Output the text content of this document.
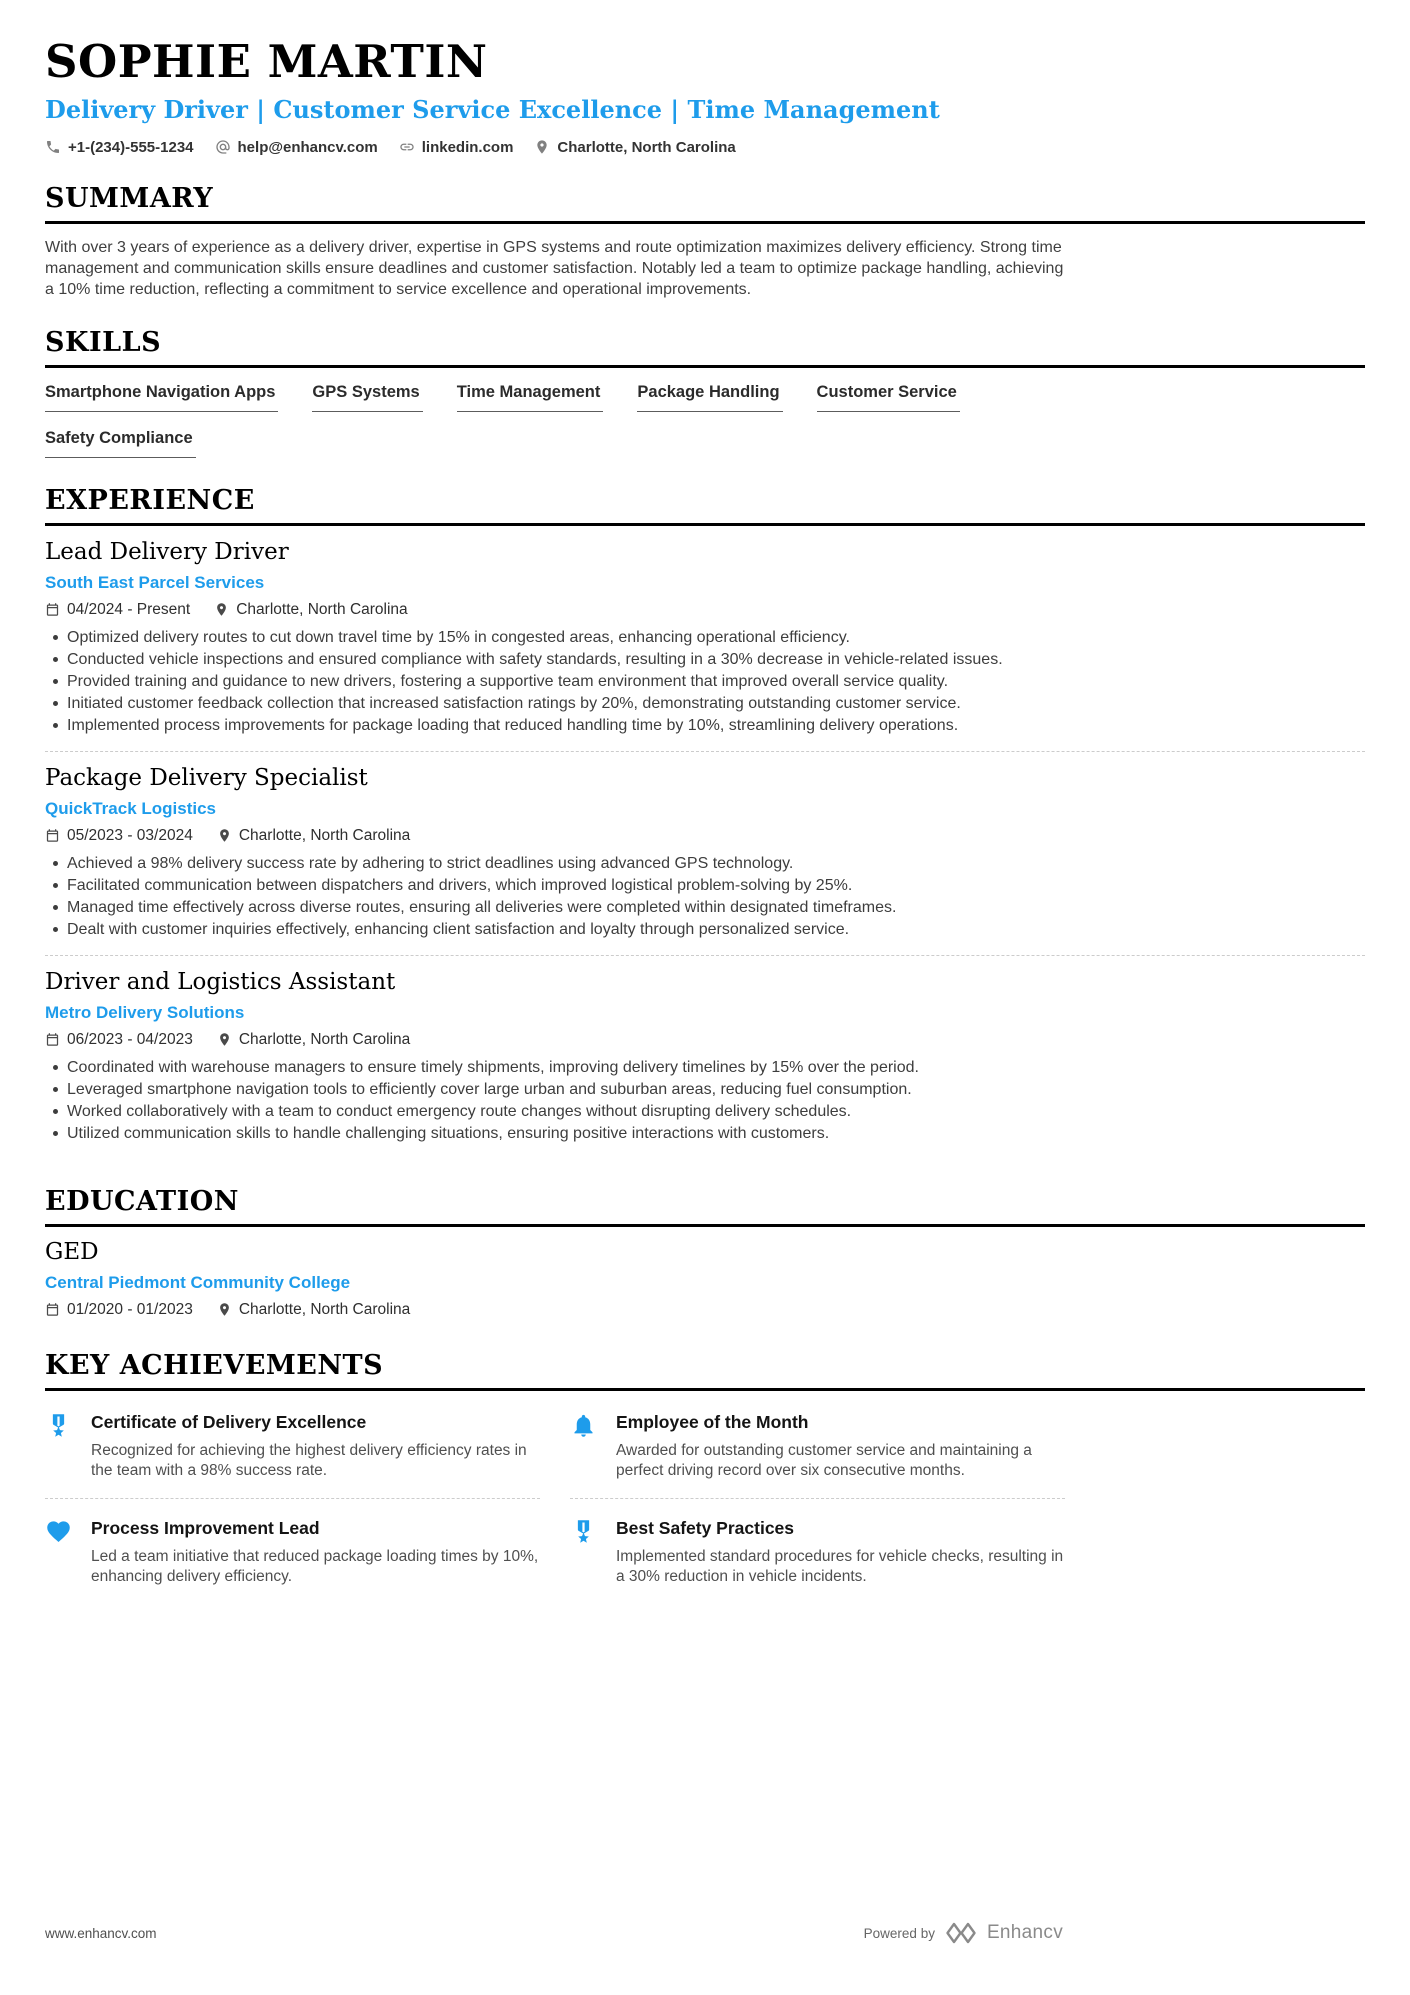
SOPHIE MARTIN
Delivery Driver | Customer Service Excellence | Time Management
+1-(234)-555-1234	help@enhancv.com	linkedin.com	Charlotte, North Carolina
SUMMARY

With over 3 years of experience as a delivery driver, expertise in GPS systems and route optimization maximizes delivery efficiency. Strong time management and communication skills ensure deadlines and customer satisfaction. Notably led a team to optimize package handling, achieving a 10% time reduction, reflecting a commitment to service excellence and operational improvements.

SKILLS
Smartphone Navigation Apps GPS Systems Time Management Package Handling Customer Service
Safety Compliance
EXPERIENCE
Lead Delivery Driver
South East Parcel Services
04/2024 - Present	Charlotte, North Carolina
Optimized delivery routes to cut down travel time by 15% in congested areas, enhancing operational efficiency.
Conducted vehicle inspections and ensured compliance with safety standards, resulting in a 30% decrease in vehicle-related issues.
Provided training and guidance to new drivers, fostering a supportive team environment that improved overall service quality.
Initiated customer feedback collection that increased satisfaction ratings by 20%, demonstrating outstanding customer service.
Implemented process improvements for package loading that reduced handling time by 10%, streamlining delivery operations.
Package Delivery Specialist
QuickTrack Logistics
05/2023 - 03/2024	Charlotte, North Carolina
Achieved a 98% delivery success rate by adhering to strict deadlines using advanced GPS technology.
Facilitated communication between dispatchers and drivers, which improved logistical problem-solving by 25%.
Managed time effectively across diverse routes, ensuring all deliveries were completed within designated timeframes.
Dealt with customer inquiries effectively, enhancing client satisfaction and loyalty through personalized service.
Driver and Logistics Assistant
Metro Delivery Solutions
06/2023 - 04/2023	Charlotte, North Carolina
Coordinated with warehouse managers to ensure timely shipments, improving delivery timelines by 15% over the period.
Leveraged smartphone navigation tools to efficiently cover large urban and suburban areas, reducing fuel consumption.
Worked collaboratively with a team to conduct emergency route changes without disrupting delivery schedules.
Utilized communication skills to handle challenging situations, ensuring positive interactions with customers.
EDUCATION
GED
Central Piedmont Community College
01/2020 - 01/2023	Charlotte, North Carolina
KEY ACHIEVEMENTS
Certificate of Delivery Excellence
Recognized for achieving the highest delivery efficiency rates in the team with a 98% success rate.
Employee of the Month
Awarded for outstanding customer service and maintaining a perfect driving record over six consecutive months.
Process Improvement Lead
Led a team initiative that reduced package loading times by 10%, enhancing delivery efficiency.
Best Safety Practices
Implemented standard procedures for vehicle checks, resulting in a 30% reduction in vehicle incidents.
www.enhancv.com	Powered by	Enhancv
